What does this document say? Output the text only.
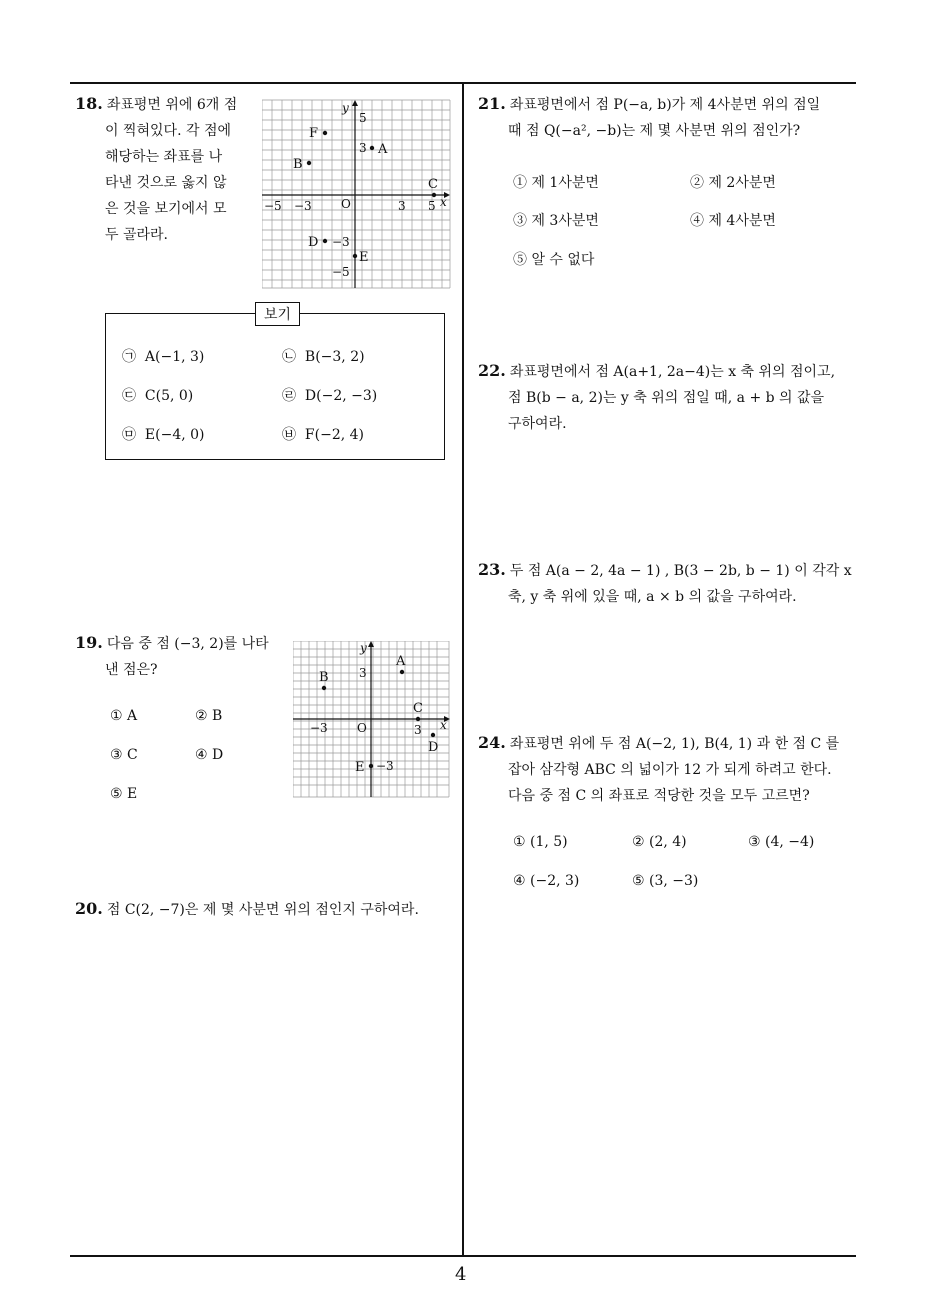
4
18. 좌표평면 위에 6개 점
이 찍혀있다. 각 점에
해당하는 좌표를 나
타낸 것으로 옳지 않
은 것을 보기에서 모
두 골라라.
y
x
O
5
3
−3
−5
−5 −3	3 5
F
A
B
C
D
E
보기
㉠ A(−1, 3)	㉡ B(−3, 2)
㉢ C(5, 0)	㉣ D(−2, −3)
㉤ E(−4, 0)	㉥ F(−2, 4)
19. 다음 중 점 (−3, 2)를 나타
낸 점은?
① A	② B
③ C	④ D
⑤ E
y
x
O
3
−3
−3	3
A
B
C
D
E
20. 점 C(2, −7)은 제 몇 사분면 위의 점인지 구하여라.
21. 좌표평면에서 점 P(−a, b)가 제 4사분면 위의 점일
때 점 Q(−a², −b)는 제 몇 사분면 위의 점인가?
① 제 1사분면	② 제 2사분면
③ 제 3사분면	④ 제 4사분면
⑤ 알 수 없다
22. 좌표평면에서 점 A(a+1, 2a−4)는 x 축 위의 점이고,
점 B(b − a, 2)는 y 축 위의 점일 때, a + b 의 값을
구하여라.
23. 두 점 A(a − 2, 4a − 1) , B(3 − 2b, b − 1) 이 각각 x
축, y 축 위에 있을 때, a × b 의 값을 구하여라.
24. 좌표평면 위에 두 점 A(−2, 1), B(4, 1) 과 한 점 C 를
잡아 삼각형 ABC 의 넓이가 12 가 되게 하려고 한다.
다음 중 점 C 의 좌표로 적당한 것을 모두 고르면?
① (1, 5)	② (2, 4)	③ (4, −4)
④ (−2, 3)	⑤ (3, −3)
